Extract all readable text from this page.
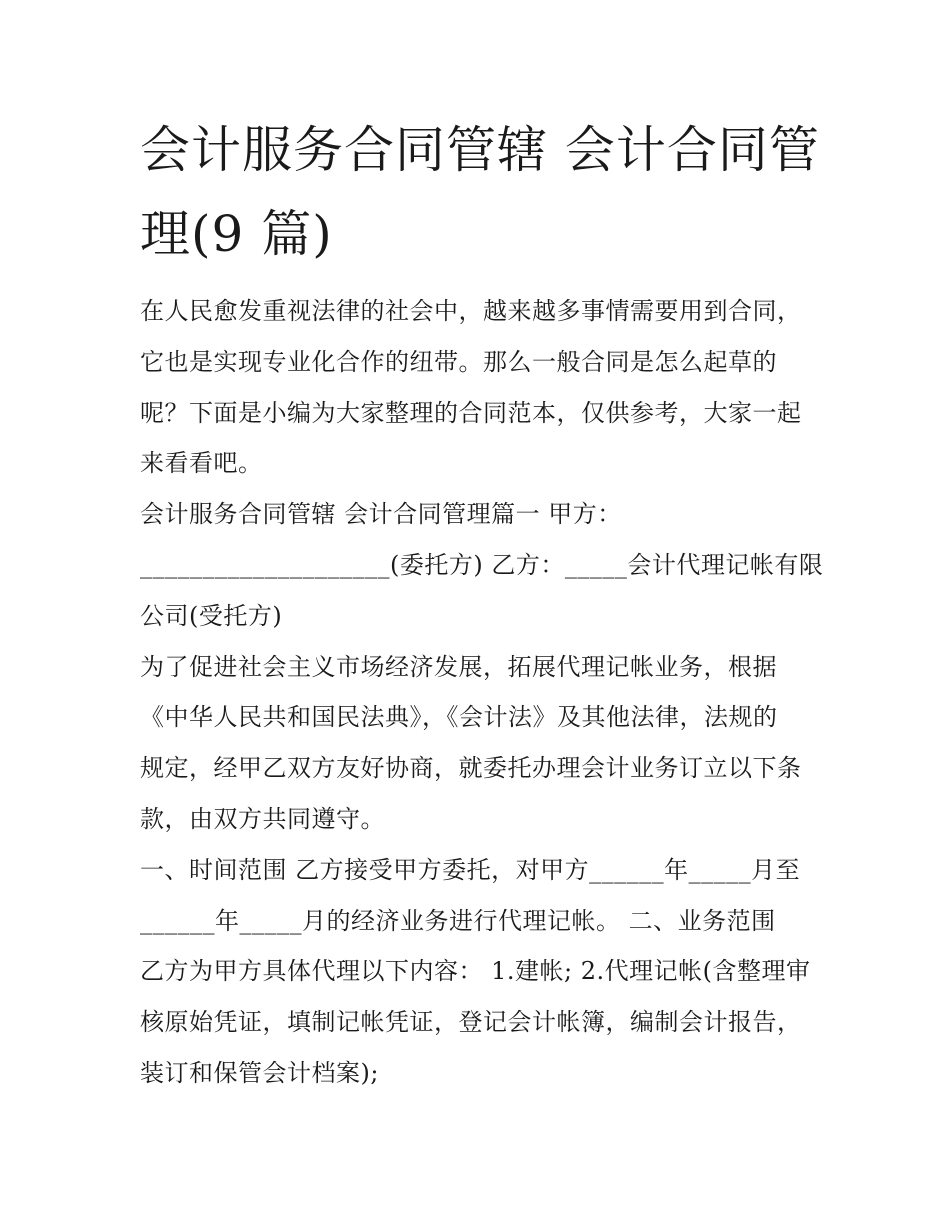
会计服务合同管辖 会计合同管
理(9 篇)

在人民愈发重视法律的社会中，越来越多事情需要用到合同，
它也是实现专业化合作的纽带。那么一般合同是怎么起草的
呢？下面是小编为大家整理的合同范本，仅供参考，大家一起
来看看吧。

会计服务合同管辖 会计合同管理篇一 甲方：
____________________(委托方) 乙方：_____会计代理记帐有限
公司(受托方)

为了促进社会主义市场经济发展，拓展代理记帐业务，根据
《中华人民共和国民法典》，《会计法》及其他法律，法规的
规定，经甲乙双方友好协商，就委托办理会计业务订立以下条
款，由双方共同遵守。

一、时间范围 乙方接受甲方委托，对甲方______年_____月至
______年_____月的经济业务进行代理记帐。 二、业务范围
乙方为甲方具体代理以下内容： 1.建帐; 2.代理记帐(含整理审
核原始凭证，填制记帐凭证，登记会计帐簿，编制会计报告，
装订和保管会计档案);
